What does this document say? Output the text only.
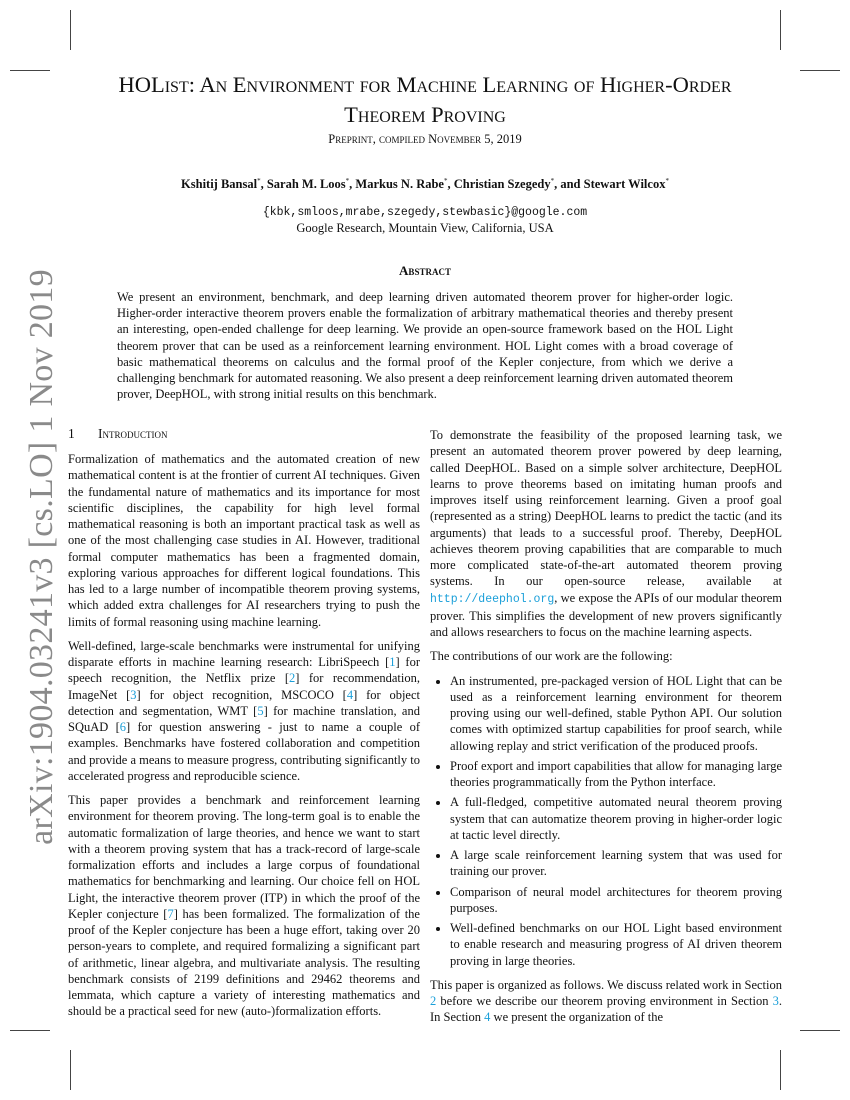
arXiv:1904.03241v3 [cs.LO] 1 Nov 2019
HOList: An Environment for Machine Learning of Higher-Order
Theorem Proving
Preprint, compiled November 5, 2019
Kshitij Bansal*, Sarah M. Loos*, Markus N. Rabe*, Christian Szegedy*, and Stewart Wilcox*
{kbk,smloos,mrabe,szegedy,stewbasic}@google.com
Google Research, Mountain View, California, USA
Abstract
We present an environment, benchmark, and deep learning driven automated theorem prover for higher-order logic. Higher-order interactive theorem provers enable the formalization of arbitrary mathematical theories and thereby present an interesting, open-ended challenge for deep learning. We provide an open-source framework based on the HOL Light theorem prover that can be used as a reinforcement learning environment. HOL Light comes with a broad coverage of basic mathematical theorems on calculus and the formal proof of the Kepler conjecture, from which we derive a challenging benchmark for automated reasoning. We also present a deep reinforcement learning driven automated theorem prover, DeepHOL, with strong initial results on this benchmark.
1 Introduction

Formalization of mathematics and the automated creation of new mathematical content is at the frontier of current AI techniques. Given the fundamental nature of mathematics and its importance for most scientific disciplines, the capability for high level formal mathematical reasoning is both an important practical task as well as one of the most challenging case studies in AI. However, traditional formal computer mathematics has been a fragmented domain, exploring various approaches for different logical foundations. This has led to a large number of incompatible theorem proving systems, which added extra challenges for AI researchers trying to push the limits of formal reasoning using machine learning.

Well-defined, large-scale benchmarks were instrumental for unifying disparate efforts in machine learning research: LibriSpeech [1] for speech recognition, the Netflix prize [2] for recommendation, ImageNet [3] for object recognition, MSCOCO [4] for object detection and segmentation, WMT [5] for machine translation, and SQuAD [6] for question answering - just to name a couple of examples. Benchmarks have fostered collaboration and competition and provide a means to measure progress, contributing significantly to accelerated progress and reproducible science.

This paper provides a benchmark and reinforcement learning environment for theorem proving. The long-term goal is to enable the automatic formalization of large theories, and hence we want to start with a theorem proving system that has a track-record of large-scale formalization efforts and includes a large corpus of foundational mathematics for benchmarking and learning. Our choice fell on HOL Light, the interactive theorem prover (ITP) in which the proof of the Kepler conjecture [7] has been formalized. The formalization of the proof of the Kepler conjecture has been a huge effort, taking over 20 person-years to complete, and required formalizing a significant part of arithmetic, linear algebra, and multivariate analysis. The resulting benchmark consists of 2199 definitions and 29462 theorems and lemmata, which capture a variety of interesting mathematics and should be a practical seed for new (auto-)formalization efforts.

To demonstrate the feasibility of the proposed learning task, we present an automated theorem prover powered by deep learning, called DeepHOL. Based on a simple solver architecture, DeepHOL learns to prove theorems based on imitating human proofs and improves itself using reinforcement learning. Given a proof goal (represented as a string) DeepHOL learns to predict the tactic (and its arguments) that leads to a successful proof. Thereby, DeepHOL achieves theorem proving capabilities that are comparable to much more complicated state-of-the-art automated theorem proving systems. In our open-source release, available at http://deephol.org, we expose the APIs of our modular theorem prover. This simplifies the development of new provers significantly and allows researchers to focus on the machine learning aspects.

The contributions of our work are the following:

• An instrumented, pre-packaged version of HOL Light that can be used as a reinforcement learning environment for theorem proving using our well-defined, stable Python API. Our solution comes with optimized startup capabilities for proof search, while allowing replay and strict verification of the produced proofs.
• Proof export and import capabilities that allow for managing large theories programmatically from the Python interface.
• A full-fledged, competitive automated neural theorem proving system that can automatize theorem proving in higher-order logic at tactic level directly.
• A large scale reinforcement learning system that was used for training our prover.
• Comparison of neural model architectures for theorem proving purposes.
• Well-defined benchmarks on our HOL Light based environment to enable research and measuring progress of AI driven theorem proving in large theories.

This paper is organized as follows. We discuss related work in Section 2 before we describe our theorem proving environment in Section 3. In Section 4 we present the organization of the
